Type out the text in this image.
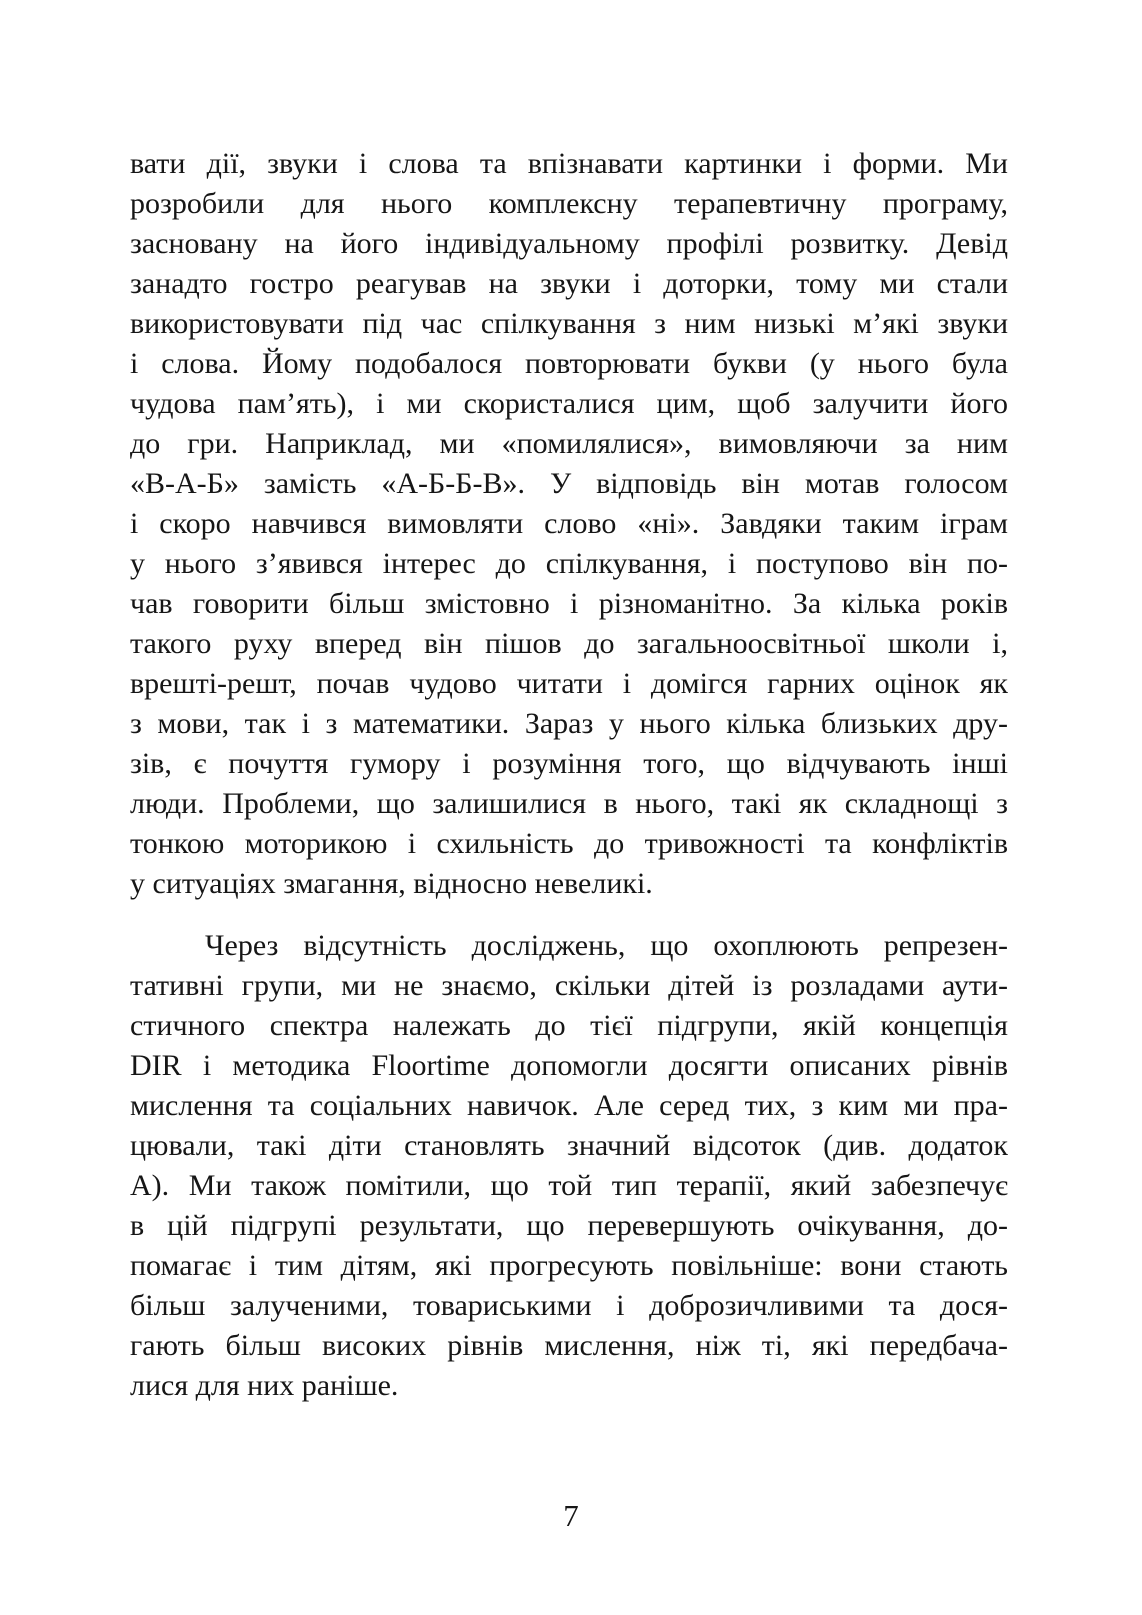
вати дії, звуки і слова та впізнавати картинки і форми. Ми
розробили для нього комплексну терапевтичну програму,
засновану на його індивідуальному профілі розвитку. Девід
занадто гостро реагував на звуки і доторки, тому ми стали
використовувати під час спілкування з ним низькі м’які звуки
і слова. Йому подобалося повторювати букви (у нього була
чудова пам’ять), і ми скористалися цим, щоб залучити його
до гри. Наприклад, ми «помилялися», вимовляючи за ним
«В-А-Б» замість «А-Б-Б-В». У відповідь він мотав голосом
і скоро навчився вимовляти слово «ні». Завдяки таким іграм
у нього з’явився інтерес до спілкування, і поступово він по-
чав говорити більш змістовно і різноманітно. За кілька років
такого руху вперед він пішов до загальноосвітньої школи і,
врешті-решт, почав чудово читати і домігся гарних оцінок як
з мови, так і з математики. Зараз у нього кілька близьких дру-
зів, є почуття гумору і розуміння того, що відчувають інші
люди. Проблеми, що залишилися в нього, такі як складнощі з
тонкою моторикою і схильність до тривожності та конфліктів
у ситуаціях змагання, відносно невеликі.
Через відсутність досліджень, що охоплюють репрезен-
тативні групи, ми не знаємо, скільки дітей із розладами аути-
стичного спектра належать до тієї підгрупи, якій концепція
DIR і методика Floortime допомогли досягти описаних рівнів
мислення та соціальних навичок. Але серед тих, з ким ми пра-
цювали, такі діти становлять значний відсоток (див. додаток
А). Ми також помітили, що той тип терапії, який забезпечує
в цій підгрупі результати, що перевершують очікування, до-
помагає і тим дітям, які прогресують повільніше: вони стають
більш залученими, товариськими і доброзичливими та дося-
гають більш високих рівнів мислення, ніж ті, які передбача-
лися для них раніше.
7
